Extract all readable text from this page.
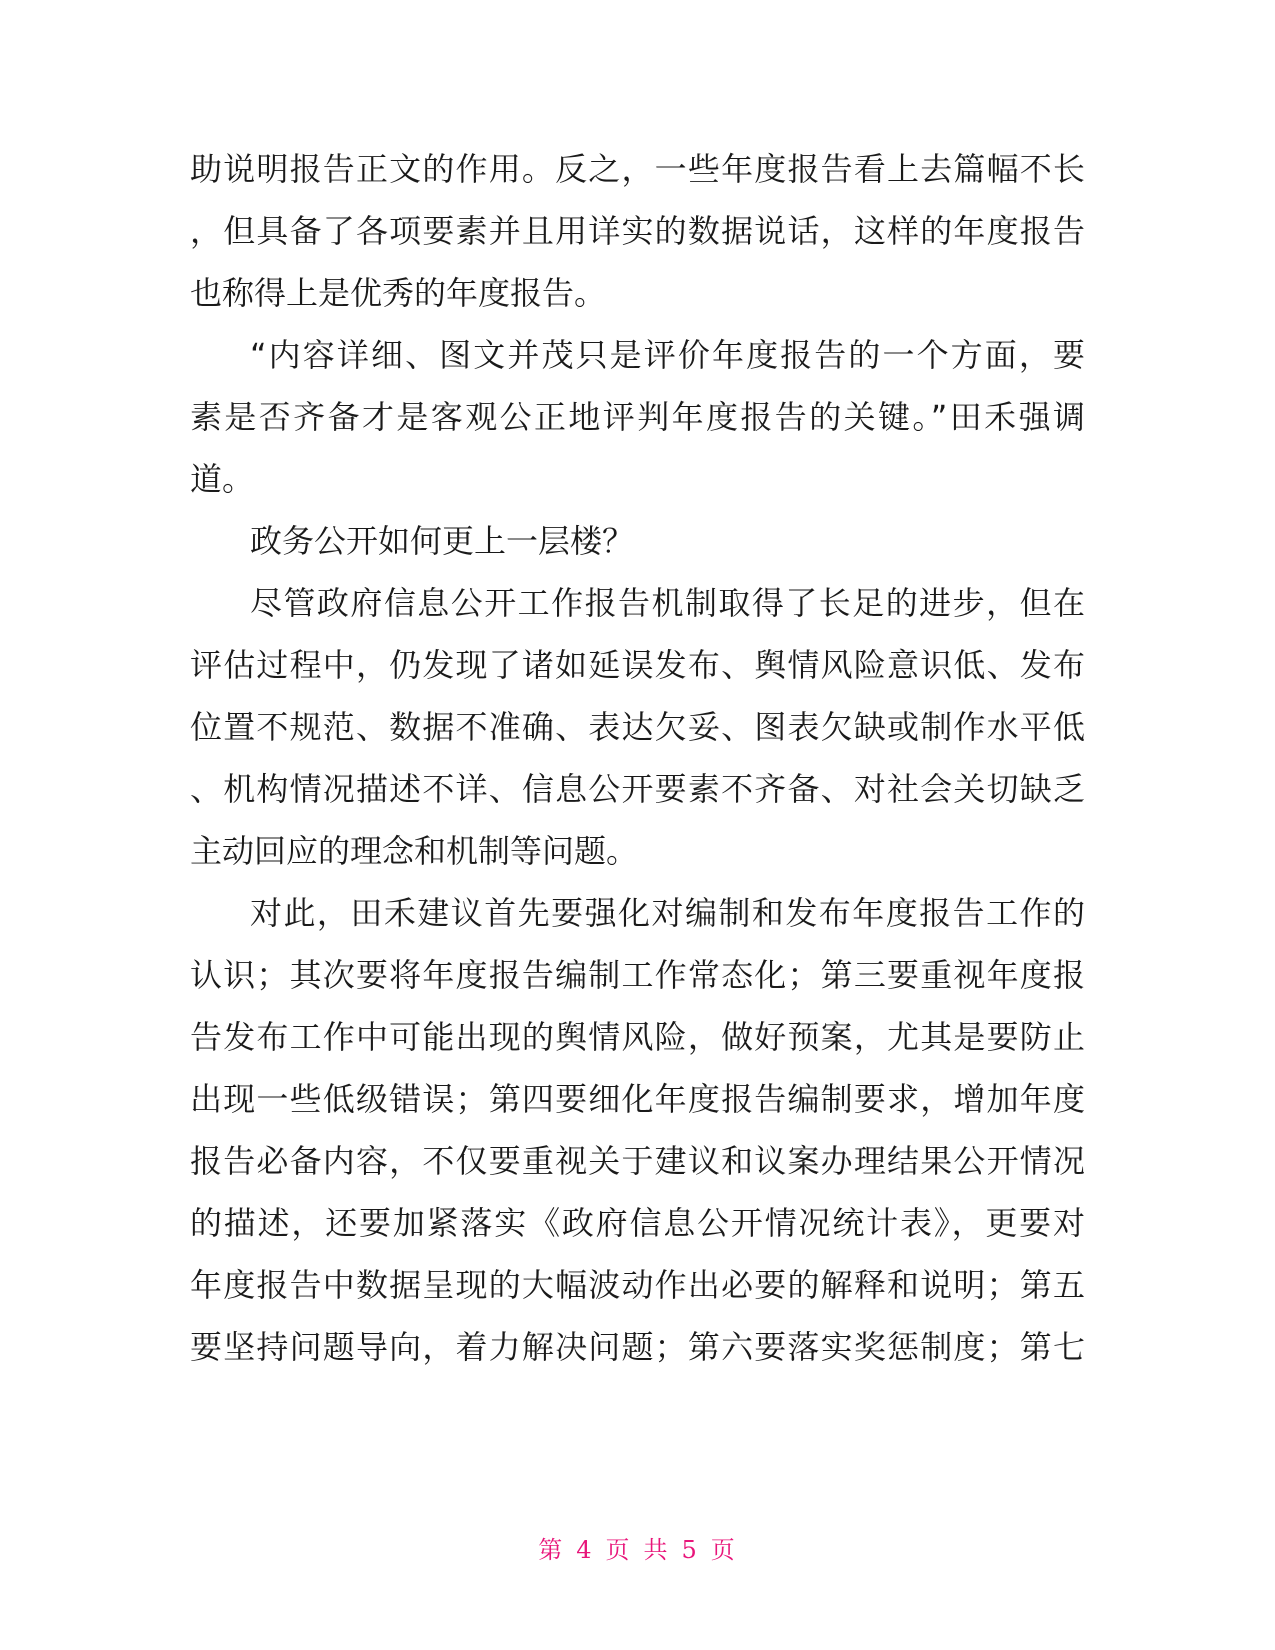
助说明报告正文的作用。反之，一些年度报告看上去篇幅不长
，但具备了各项要素并且用详实的数据说话，这样的年度报告
也称得上是优秀的年度报告。
“内容详细、图文并茂只是评价年度报告的一个方面，要
素是否齐备才是客观公正地评判年度报告的关键。”田禾强调
道。
政务公开如何更上一层楼？
尽管政府信息公开工作报告机制取得了长足的进步，但在
评估过程中，仍发现了诸如延误发布、舆情风险意识低、发布
位置不规范、数据不准确、表达欠妥、图表欠缺或制作水平低
、机构情况描述不详、信息公开要素不齐备、对社会关切缺乏
主动回应的理念和机制等问题。
对此，田禾建议首先要强化对编制和发布年度报告工作的
认识；其次要将年度报告编制工作常态化；第三要重视年度报
告发布工作中可能出现的舆情风险，做好预案，尤其是要防止
出现一些低级错误；第四要细化年度报告编制要求，增加年度
报告必备内容，不仅要重视关于建议和议案办理结果公开情况
的描述，还要加紧落实《政府信息公开情况统计表》，更要对
年度报告中数据呈现的大幅波动作出必要的解释和说明；第五
要坚持问题导向，着力解决问题；第六要落实奖惩制度；第七
第 4 页 共 5 页
